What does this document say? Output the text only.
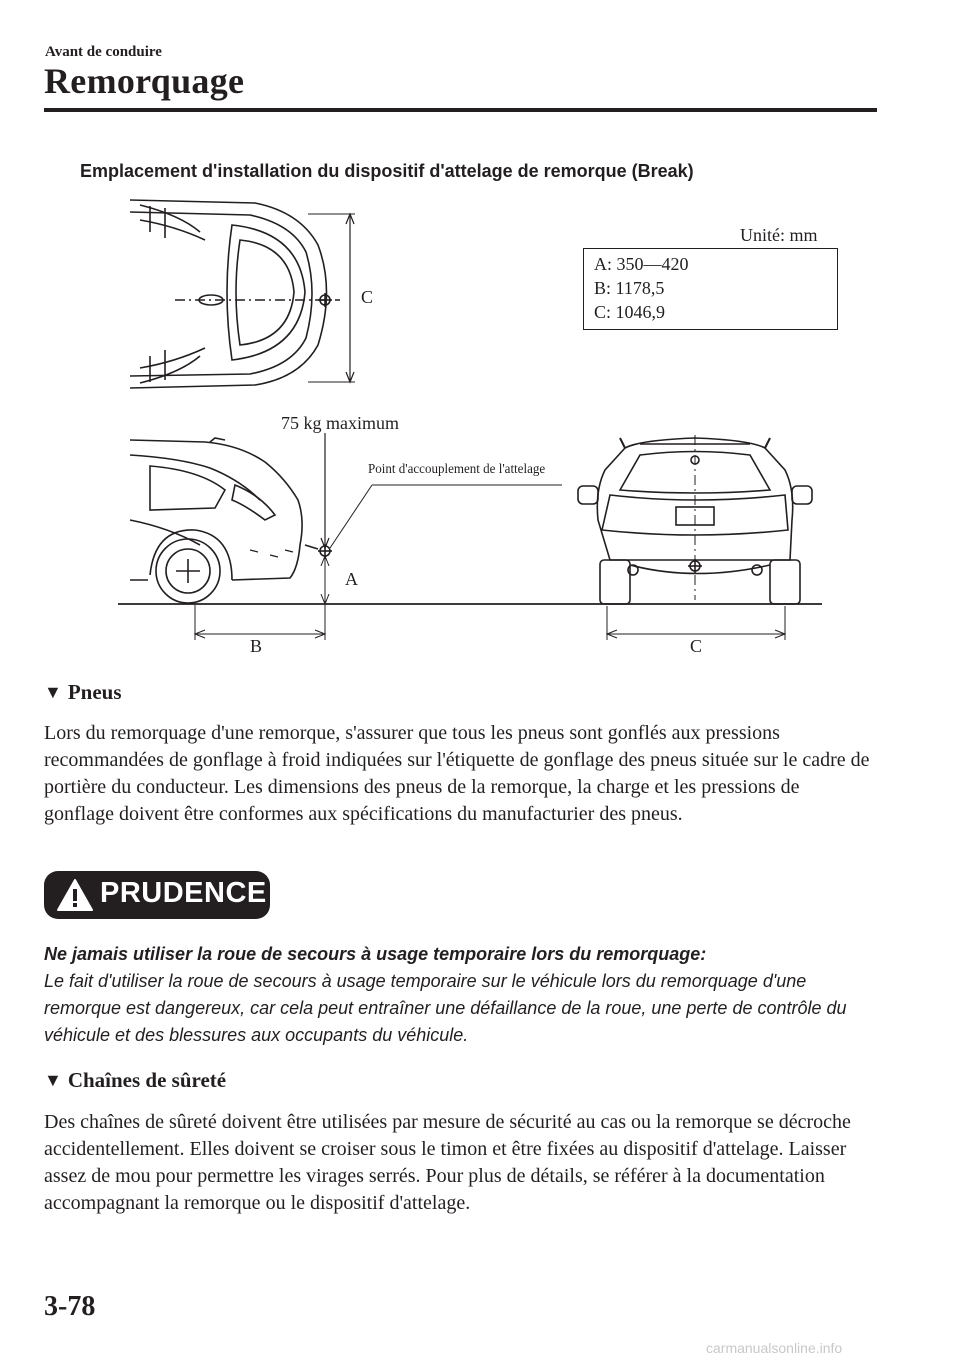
Avant de conduire
Remorquage
Emplacement d'installation du dispositif d'attelage de remorque (Break)
Unité: mm
A: 350—420
B: 1178,5
C: 1046,9
C
75 kg maximum
Point d'accouplement de l'attelage
A
B	C
▼ Pneus

Lors du remorquage d'une remorque, s'assurer que tous les pneus sont gonflés aux pressions recommandées de gonflage à froid indiquées sur l'étiquette de gonflage des pneus située sur le cadre de portière du conducteur. Les dimensions des pneus de la remorque, la charge et les pressions de gonflage doivent être conformes aux spécifications du manufacturier des pneus.

PRUDENCE

Ne jamais utiliser la roue de secours à usage temporaire lors du remorquage:

Le fait d'utiliser la roue de secours à usage temporaire sur le véhicule lors du remorquage d'une remorque est dangereux, car cela peut entraîner une défaillance de la roue, une perte de contrôle du véhicule et des blessures aux occupants du véhicule.

▼ Chaînes de sûreté

Des chaînes de sûreté doivent être utilisées par mesure de sécurité au cas ou la remorque se décroche accidentellement. Elles doivent se croiser sous le timon et être fixées au dispositif d'attelage. Laisser assez de mou pour permettre les virages serrés. Pour plus de détails, se référer à la documentation accompagnant la remorque ou le dispositif d'attelage.

3-78
carmanualsonline.info
